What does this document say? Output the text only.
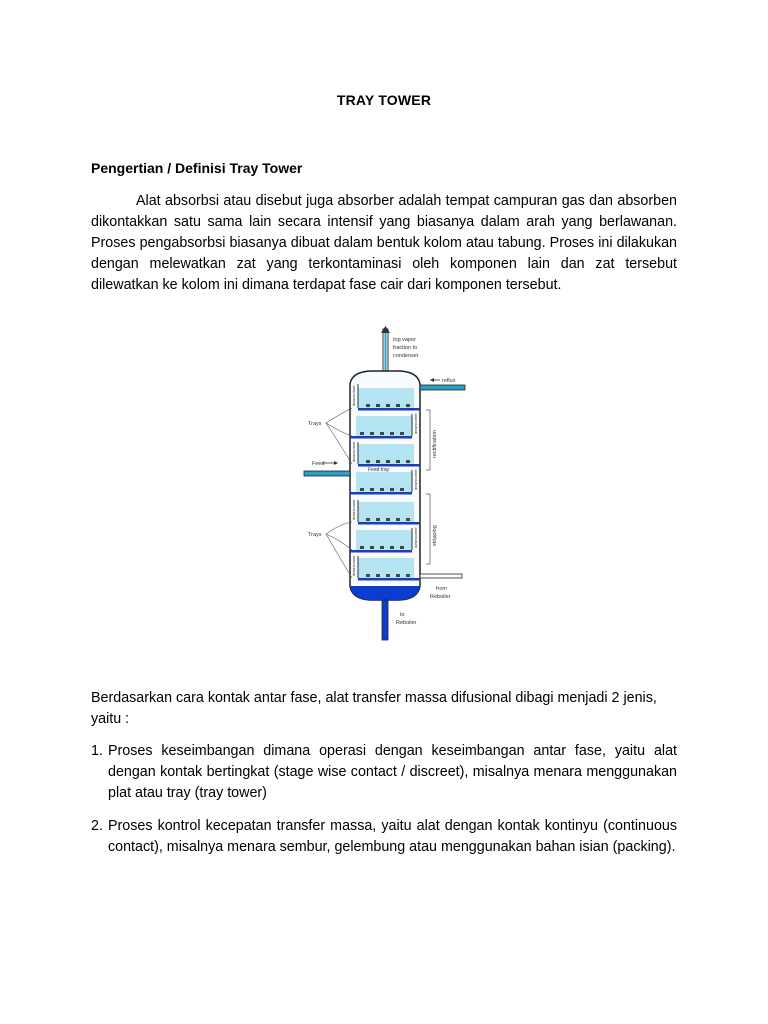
TRAY TOWER
Pengertian / Definisi Tray Tower

Alat absorbsi atau disebut juga absorber adalah tempat campuran gas dan absorben dikontakkan satu sama lain secara intensif yang biasanya dalam arah yang berlawanan. Proses pengabsorbsi biasanya dibuat dalam bentuk kolom atau tabung. Proses ini dilakukan dengan melewatkan zat yang terkontaminasi oleh komponen lain dan zat tersebut dilewatkan ke kolom ini dimana terdapat fase cair dari komponen tersebut.

top vapor
fraction to
condenser
downcomer
downcomer
downcomer
downcomer
downcomer
downcomer
downcomer
to
Reboiler
reflux
Feed
Feed tray
from
Reboiler
Trays
Trays
rectification
stripping

Berdasarkan cara kontak antar fase, alat transfer massa difusional dibagi menjadi 2 jenis, yaitu :

1. Proses keseimbangan dimana operasi dengan keseimbangan antar fase, yaitu alat dengan kontak bertingkat (stage wise contact / discreet), misalnya menara menggunakan plat atau tray (tray tower)
2. Proses kontrol kecepatan transfer massa, yaitu alat dengan kontak kontinyu (continuous contact), misalnya menara sembur, gelembung atau menggunakan bahan isian (packing).
